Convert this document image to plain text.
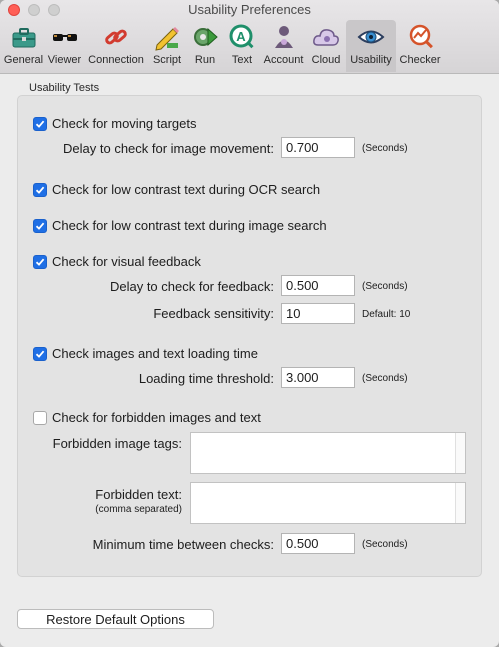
Usability Preferences
General Viewer Connection Script Run
A
Text Account Cloud Usability Checker
Usability Tests
Check for moving targets
Delay to check for image movement:
0.700	(Seconds)
Check for low contrast text during OCR search
Check for low contrast text during image search
Check for visual feedback
Delay to check for feedback:
0.500	(Seconds)
Feedback sensitivity:
10	Default: 10
Check images and text loading time
Loading time threshold:
3.000	(Seconds)
Check for forbidden images and text
Forbidden image tags:
Forbidden text:
(comma separated)
Minimum time between checks:
0.500	(Seconds)
Restore Default Options
